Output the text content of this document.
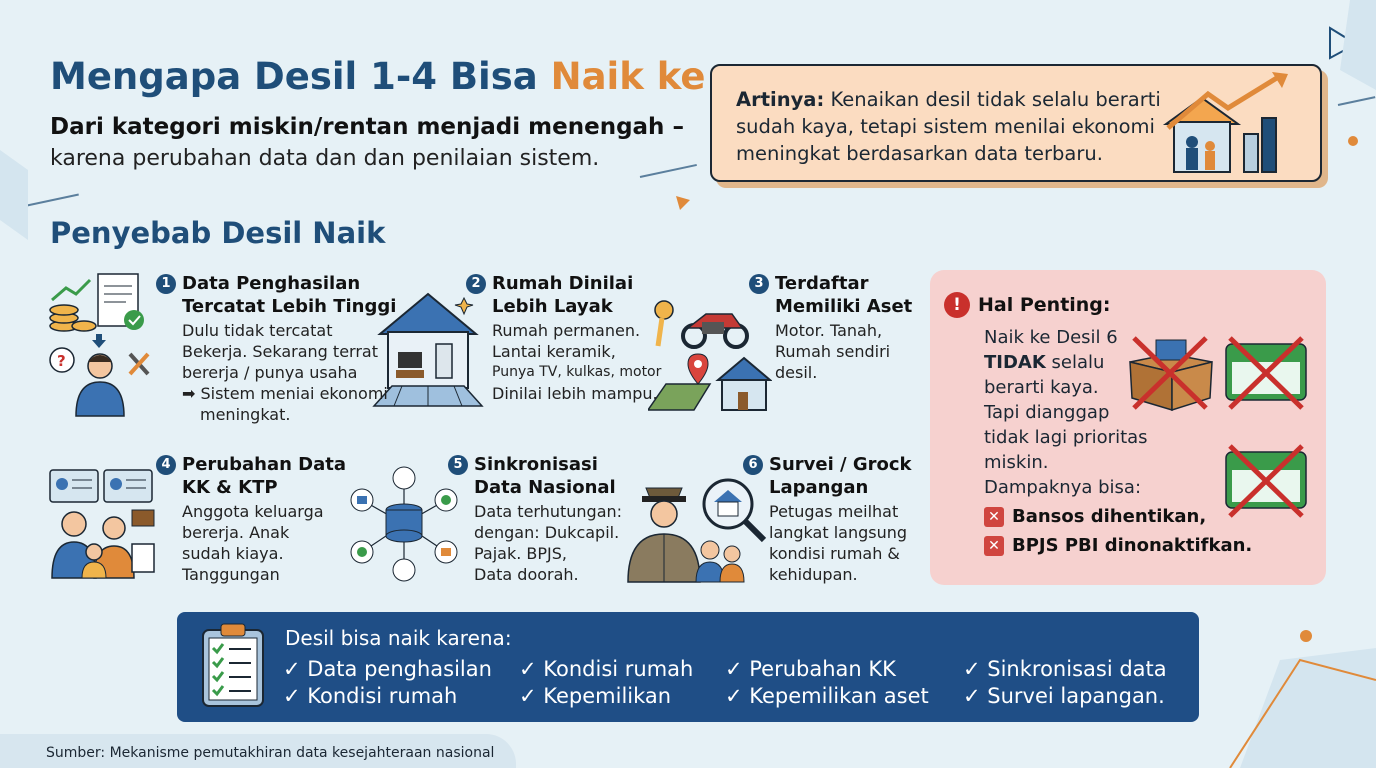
Mengapa Desil 1-4 Bisa Naik ke
Dari kategori miskin/rentan menjadi menengah –
karena perubahan data dan dan penilaian sistem.
Artinya: Kenaikan desil tidak selalu berarti sudah kaya, tetapi sistem menilai ekonomi meningkat berdasarkan data terbaru.
Penyebab Desil Naik
?
1 Data Penghasilan
Tercatat Lebih Tinggi
Dulu tidak tercatat
Bekerja. Sekarang terrat
bererja / punya usaha
➡ Sistem meniai ekonomi
meningkat.
2 Rumah Dinilai
Lebih Layak
Rumah permanen.
Lantai keramik,
Punya TV, kulkas, motor
Dinilai lebih mampu.
3 Terdaftar
Memiliki Aset
Motor. Tanah,
Rumah sendiri
desil.
4 Perubahan Data
KK & KTP
Anggota keluarga
bererja. Anak
sudah kiaya.
Tanggungan
5 Sinkronisasi
Data Nasional
Data terhutungan:
dengan: Dukcapil.
Pajak. BPJS,
Data doorah.
6 Survei / Grock
Lapangan
Petugas meilhat
langkat langsung
kondisi rumah &
kehidupan.
! Hal Penting:
Naik ke Desil 6
TIDAK selalu
berarti kaya.
Tapi dianggap
tidak lagi prioritas
miskin.
Dampaknya bisa:
✕ Bansos dihentikan,
✕ BPJS PBI dinonaktifkan.
Desil bisa naik karena:
✓ Data penghasilan ✓ Kondisi rumah ✓ Perubahan KK	✓ Sinkronisasi data
✓ Kondisi rumah	✓ Kepemilikan	✓ Kepemilikan aset ✓ Survei lapangan.
Sumber: Mekanisme pemutakhiran data kesejahteraan nasional
